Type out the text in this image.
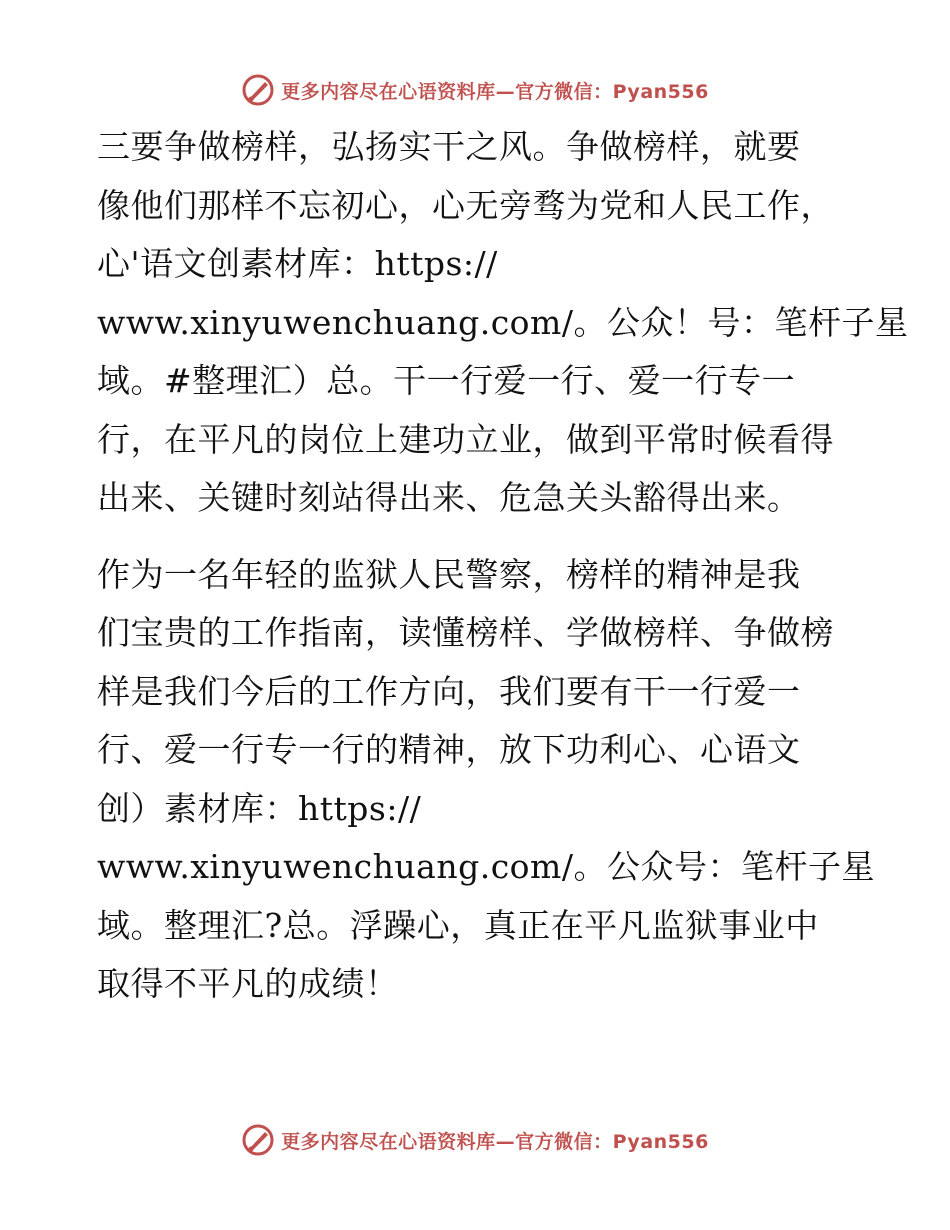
更多内容尽在心语资料库—官方微信：Pyan556
三要争做榜样，弘扬实干之风。争做榜样，就要
像他们那样不忘初心，心无旁骛为党和人民工作，
心'语文创素材库：https://
www.xinyuwenchuang.com/。公众！号：笔杆子星
域。#整理汇）总。干一行爱一行、爱一行专一
行，在平凡的岗位上建功立业，做到平常时候看得
出来、关键时刻站得出来、危急关头豁得出来。
作为一名年轻的监狱人民警察，榜样的精神是我
们宝贵的工作指南，读懂榜样、学做榜样、争做榜
样是我们今后的工作方向，我们要有干一行爱一
行、爱一行专一行的精神，放下功利心、心语文
创）素材库：https://
www.xinyuwenchuang.com/。公众号：笔杆子星
域。整理汇?总。浮躁心，真正在平凡监狱事业中
取得不平凡的成绩！
更多内容尽在心语资料库—官方微信：Pyan556
